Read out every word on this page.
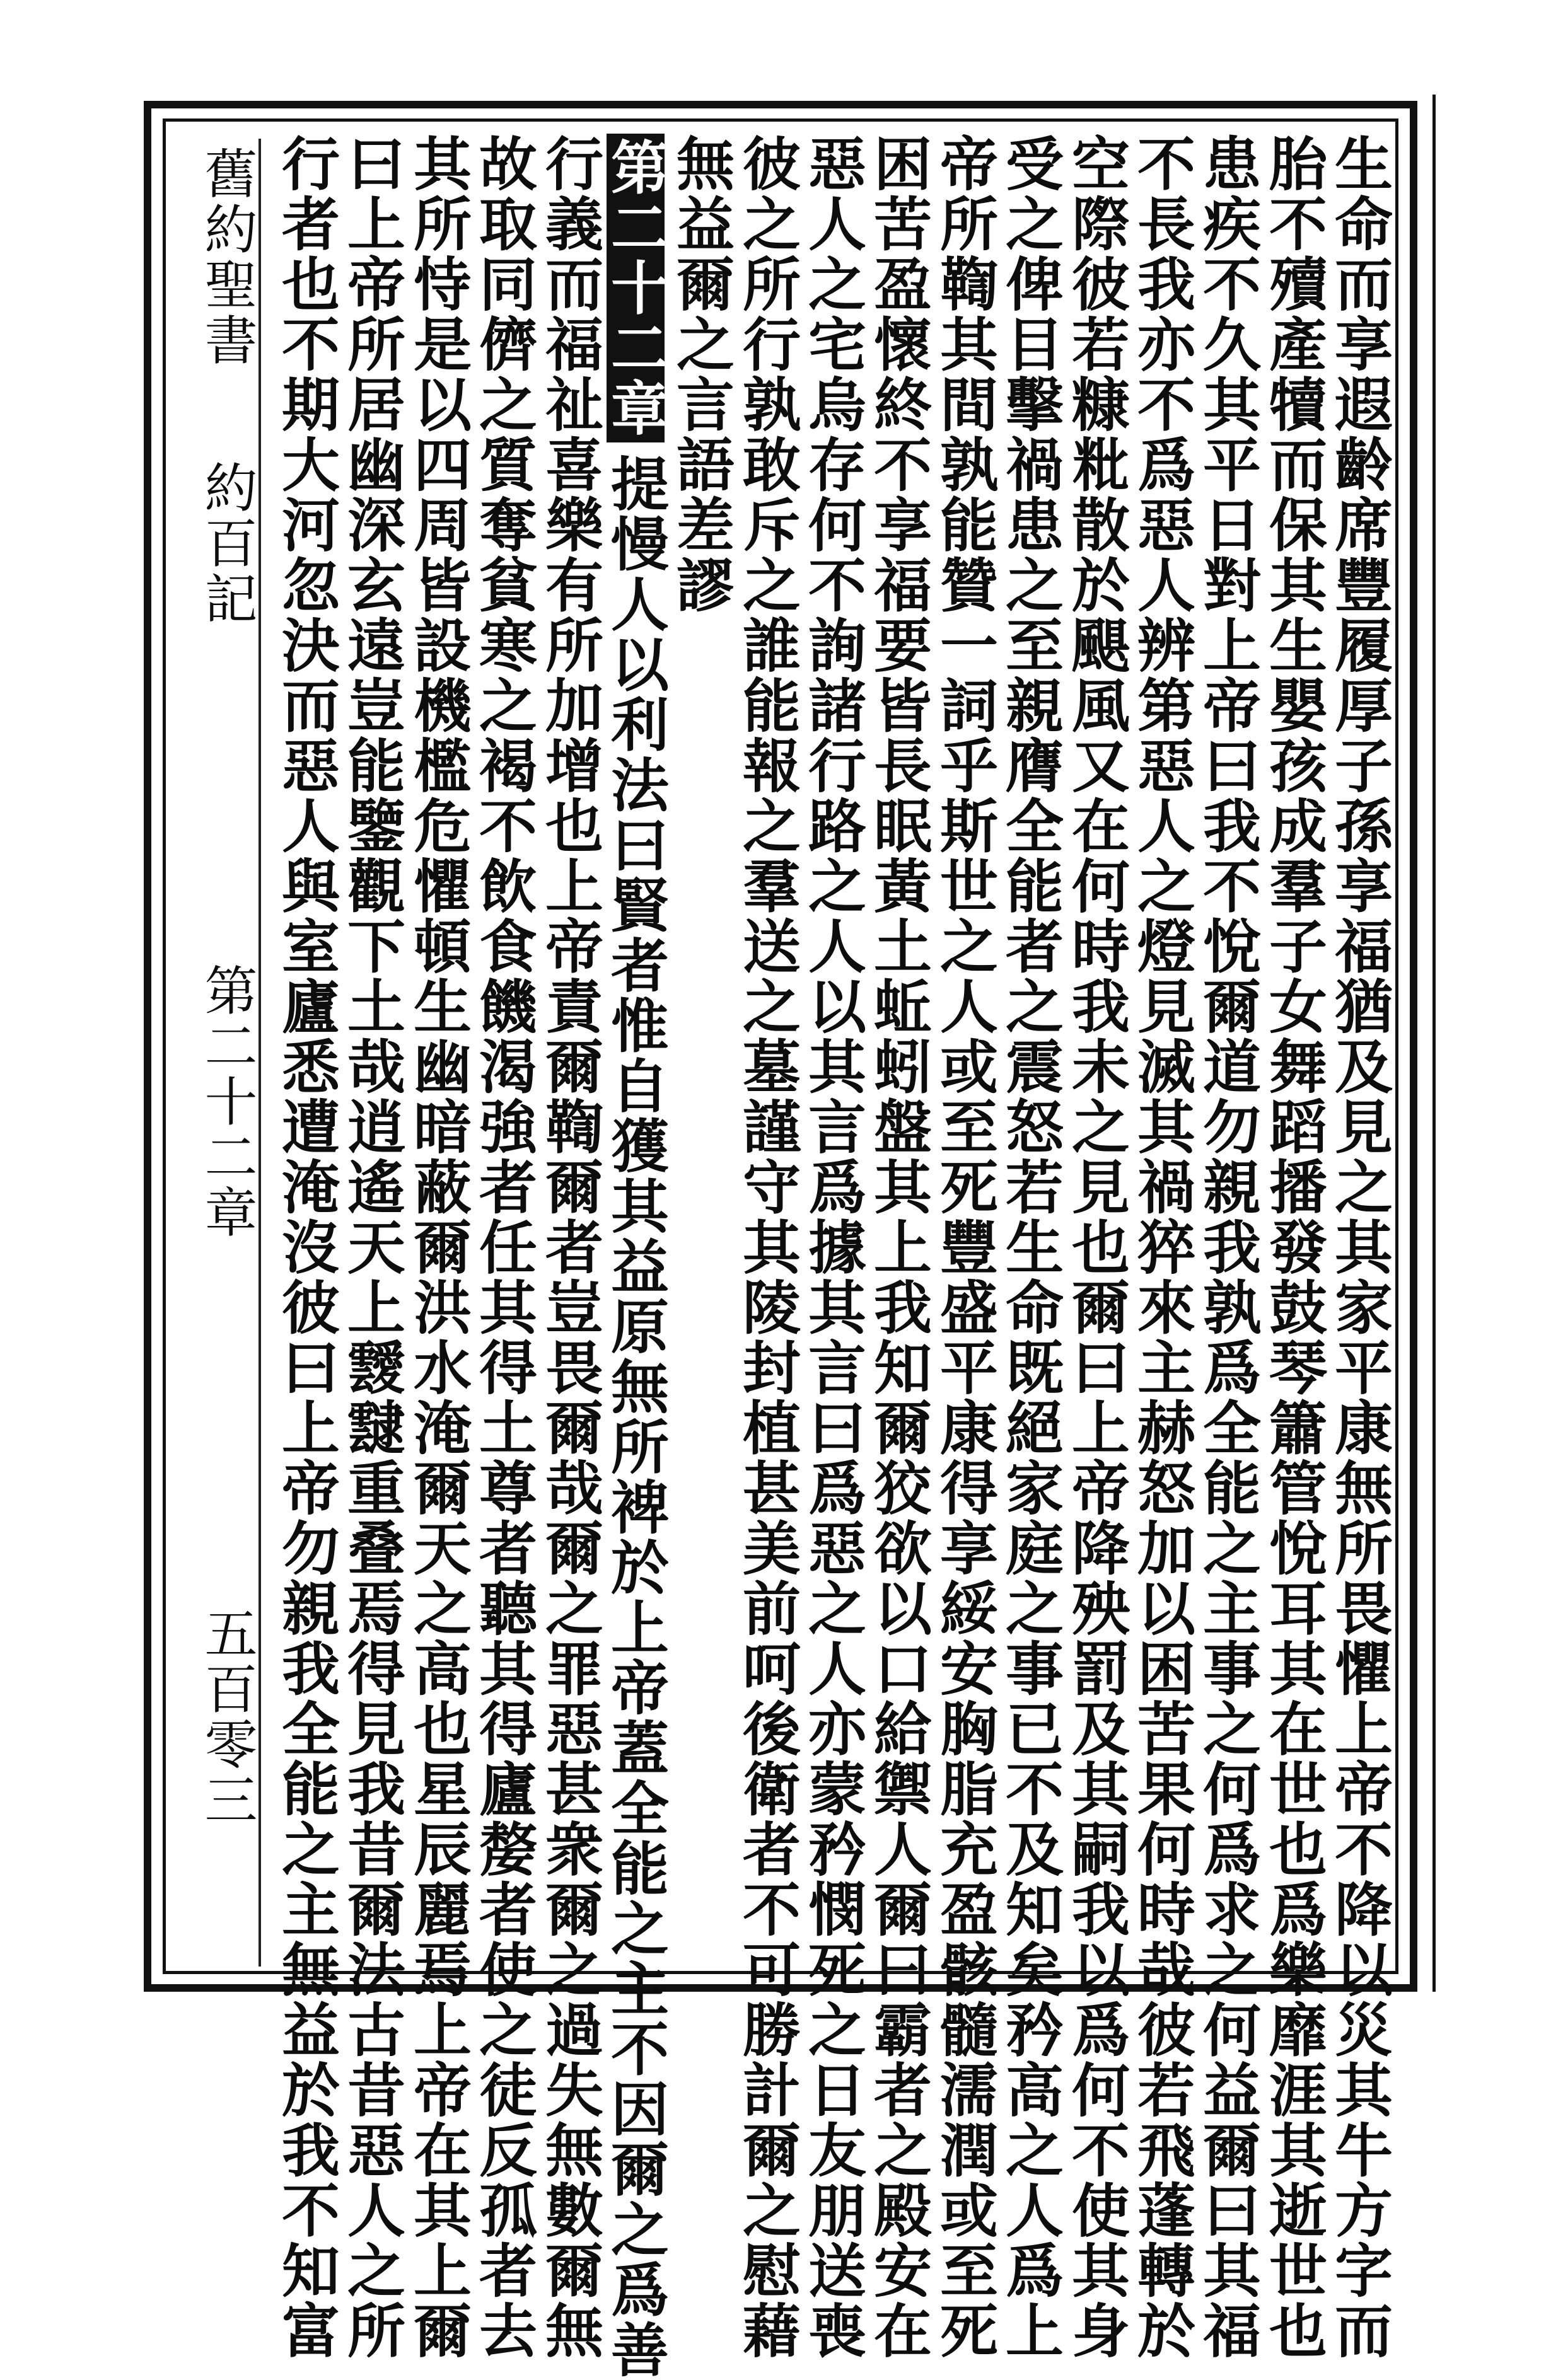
舊約聖書
約百記
第二十二章
五百零三	生命而享遐齡席豐履厚子孫享福猶及見之其家平康無所畏懼上帝不降以災其牛方字而
胎不殰產犢而保其生嬰孩成羣子女舞蹈播發鼓琴簫管悅耳其在世也爲樂靡涯其逝世也
患疾不久其平日對上帝曰我不悅爾道勿親我孰爲全能之主事之何爲求之何益爾曰其福
不長我亦不爲惡人辨第惡人之燈見滅其禍猝來主赫怒加以困苦果何時哉彼若飛蓬轉於
空際彼若糠粃散於颶風又在何時我未之見也爾曰上帝降殃罰及其嗣我以爲何不使其身
受之俾目擊禍患之至親膺全能者之震怒若生命既絕家庭之事已不及知矣矜高之人爲上
帝所鞫其間孰能贊一詞乎斯世之人或至死豐盛平康得享綏安胸脂充盈骸髓濡潤或至死
困苦盈懷終不享福要皆長眠黃土蚯蚓盤其上我知爾狡欲以口給禦人爾曰霸者之殿安在
惡人之宅烏存何不詢諸行路之人以其言爲據其言曰爲惡之人亦蒙矜憫死之日友朋送喪
彼之所行孰敢斥之誰能報之羣送之墓謹守其陵封植甚美前呵後衛者不可勝計爾之慰藉
無益爾之言語差謬
第二十二章
提慢人以利法曰賢者惟自獲其益原無所裨於上帝蓋全能之主不因爾之爲善
行義而福祉喜樂有所加增也上帝責爾鞫爾者豈畏爾哉爾之罪惡甚衆爾之過失無數爾無
故取同儕之質奪貧寒之褐不飲食饑渴強者任其得土尊者聽其得廬嫠者使之徒反孤者去
其所恃是以四周皆設機檻危懼頓生幽暗蔽爾洪水淹爾天之高也星辰麗焉上帝在其上爾
曰上帝所居幽深玄遠豈能鑒觀下土哉逍遙天上靉靆重叠焉得見我昔爾法古昔惡人之所
行者也不期大河忽決而惡人與室廬悉遭淹沒彼曰上帝勿親我全能之主無益於我不知富
